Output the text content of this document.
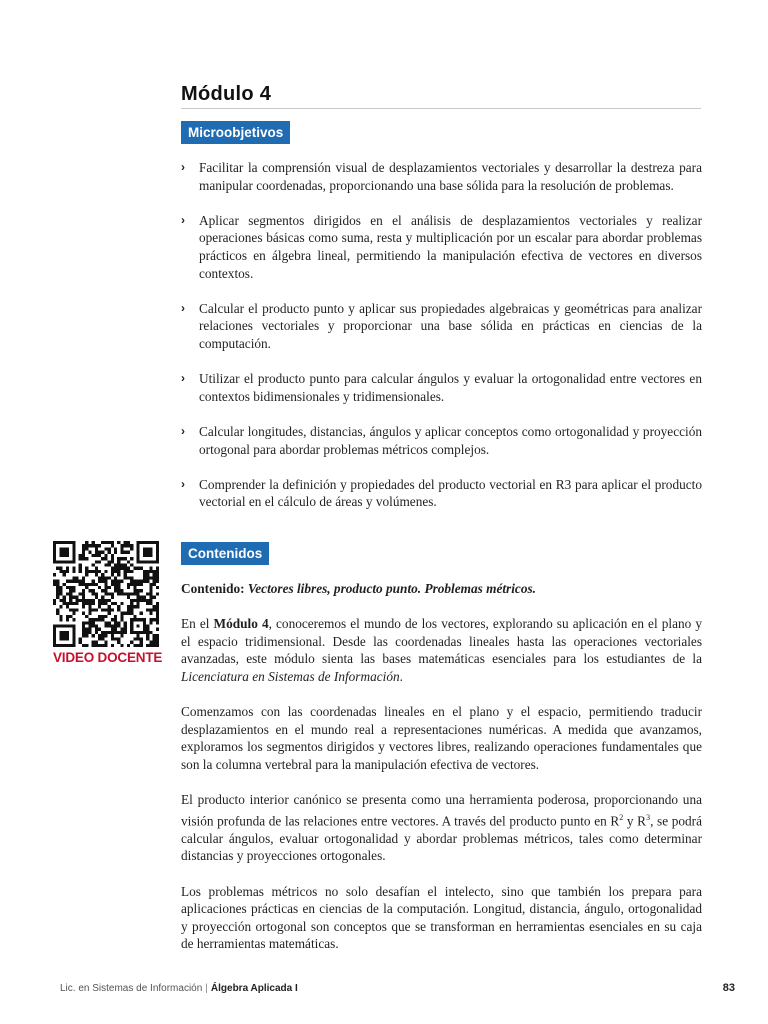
Módulo 4
Microobjetivos
› Facilitar la comprensión visual de desplazamientos vectoriales y desarrollar la destreza para manipular coordenadas, proporcionando una base sólida para la resolución de problemas.
› Aplicar segmentos dirigidos en el análisis de desplazamientos vectoriales y realizar operaciones básicas como suma, resta y multiplicación por un escalar para abordar problemas prácticos en álgebra lineal, permitiendo la manipulación efectiva de vectores en diversos contextos.
› Calcular el producto punto y aplicar sus propiedades algebraicas y geométricas para analizar relaciones vectoriales y proporcionar una base sólida en prácticas en ciencias de la computación.
› Utilizar el producto punto para calcular ángulos y evaluar la ortogonalidad entre vectores en contextos bidimensionales y tridimensionales.
› Calcular longitudes, distancias, ángulos y aplicar conceptos como ortogonalidad y proyección ortogonal para abordar problemas métricos complejos.
› Comprender la definición y propiedades del producto vectorial en R3 para aplicar el producto vectorial en el cálculo de áreas y volúmenes.
Contenidos
VIDEO DOCENTE

Contenido: Vectores libres, producto punto. Problemas métricos.

En el Módulo 4, conoceremos el mundo de los vectores, explorando su aplicación en el plano y el espacio tridimensional. Desde las coordenadas lineales hasta las operaciones vectoriales avanzadas, este módulo sienta las bases matemáticas esenciales para los estudiantes de la Licenciatura en Sistemas de Información.

Comenzamos con las coordenadas lineales en el plano y el espacio, permitiendo traducir desplazamientos en el mundo real a representaciones numéricas. A medida que avanzamos, exploramos los segmentos dirigidos y vectores libres, realizando operaciones fundamentales que son la columna vertebral para la manipulación efectiva de vectores.

El producto interior canónico se presenta como una herramienta poderosa, proporcionando una visión profunda de las relaciones entre vectores. A través del producto punto en $R^2$ y $R^3$, se podrá calcular ángulos, evaluar ortogonalidad y abordar problemas métricos, tales como determinar distancias y proyecciones ortogonales.

Los problemas métricos no solo desafían el intelecto, sino que también los prepara para aplicaciones prácticas en ciencias de la computación. Longitud, distancia, ángulo, ortogonalidad y proyección ortogonal son conceptos que se transforman en herramientas esenciales en su caja de herramientas matemáticas.

Lic. en Sistemas de Información | Álgebra Aplicada I	83
